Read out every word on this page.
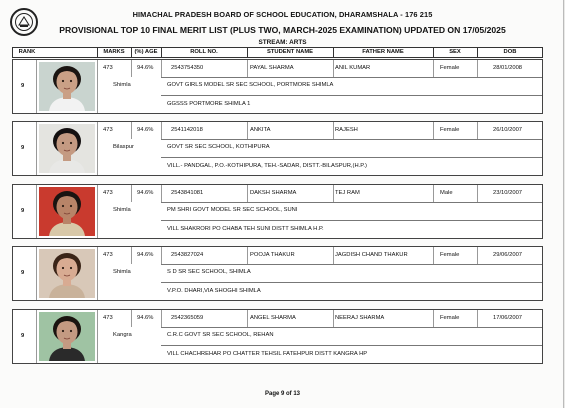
HIMACHAL PRADESH BOARD OF SCHOOL EDUCATION, DHARAMSHALA - 176 215
PROVISIONAL TOP 10 FINAL MERIT LIST (PLUS TWO, MARCH-2025 EXAMINATION) UPDATED ON 17/05/2025
STREAM: ARTS
RANK	MARKS	(%) AGE	ROLL NO.	STUDENT NAME	FATHER NAME	SEX	DOB
9
473	94.6%	2543754350	PAYAL SHARMA	ANIL KUMAR	Female	28/01/2008
Shimla	GOVT GIRLS MODEL SR SEC SCHOOL, PORTMORE SHIMLA
GGSSS PORTMORE SHIMLA 1
9
473	94.6%	2541142018	ANKITA	RAJESH	Female	26/10/2007
Bilaspur	GOVT SR SEC SCHOOL, KOTHIPURA
VILL.- PANDGAL, P.O.-KOTHIPURA, TEH.-SADAR, DISTT.-BILASPUR,(H.P.)
9
473	94.6%	2543841081	DAKSH SHARMA	TEJ RAM	Male	23/10/2007
Shimla	PM SHRI GOVT MODEL SR SEC SCHOOL, SUNI
VILL SHAKRORI PO CHABA TEH SUNI DISTT SHIMLA H.P.
9
473	94.6%	2543827024	POOJA THAKUR	JAGDISH CHAND THAKUR	Female	29/06/2007
Shimla	S D SR SEC SCHOOL, SHIMLA
V.P.O. DHARI,VIA SHOGHI SHIMLA
9
473	94.6%	2542365059	ANGEL SHARMA	NEERAJ SHARMA	Female	17/06/2007
Kangra	C.R.C GOVT SR SEC SCHOOL, REHAN
VILL CHACHREHAR PO CHATTER TEHSIL FATEHPUR DISTT KANGRA HP
Page 9 of 13
